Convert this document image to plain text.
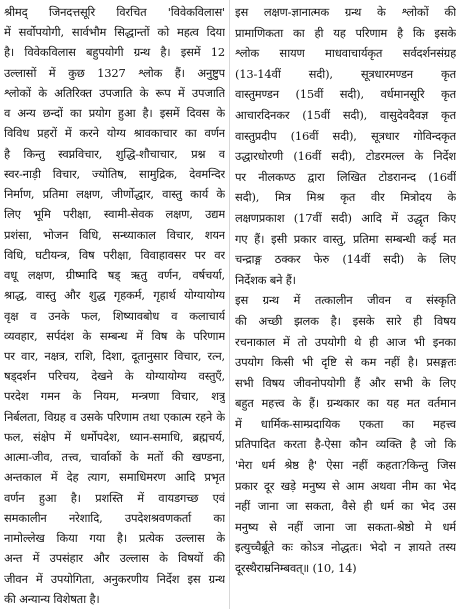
श्रीमद् जिनदत्तसूरि विरचित 'विवेकविलास'
में सर्वोपयोगी, सार्वभौम सिद्धान्तों को महत्व दिया
है। विवेकविलास बहुपयोगी ग्रन्थ है। इसमें 12
उल्लासों में कुछ 1327 श्लोक हैं। अनुष्टुप
श्लोकों के अतिरिक्त उपजाति के रूप में उपजाति
व अन्य छन्दों का प्रयोग हुआ है। इसमें दिवस के
विविध प्रहरों में करने योग्य श्रावकाचार का वर्णन
है किन्तु स्वप्नविचार, शुद्धि-शौचाचार, प्रश्न व
स्वर-नाड़ी विचार, ज्योतिष, सामुद्रिक, देवमन्दिर
निर्माण, प्रतिमा लक्षण, जीर्णोद्धार, वास्तु कार्य के
लिए भूमि परीक्षा, स्वामी-सेवक लक्षण, उद्यम
प्रशंसा, भोजन विधि, सन्ध्याकाल विचार, शयन
विधि, घटीयन्त्र, विष परीक्षा, विवाहावसर पर वर
वधू लक्षण, ग्रीष्मादि षड् ऋतु वर्णन, वर्षचर्या,
श्राद्ध, वास्तु और शुद्ध गृहकर्म, गृहार्थ योग्यायोग्य
वृक्ष व उनके फल, शिष्यावबोध व कलाचार्य
व्यवहार, सर्पदंश के सम्बन्ध में विष के परिणाम
पर वार, नक्षत्र, राशि, दिशा, दूतानुसार विचार, रत्न,
षड्दर्शन परिचय, देखने के योग्यायोग्य वस्तुएँ,
परदेश गमन के नियम, मन्त्रणा विचार, शत्रु
निर्बलता, विग्रह व उसके परिणाम तथा एकात्म रहने के
फल, संक्षेप में धर्मोपदेश, ध्यान-समाधि, ब्रह्मचर्य,
आत्मा-जीव, तत्त्व, चार्वाकों के मतों की खण्डना,
अन्तकाल में देह त्याग, समाधिमरण आदि प्रभृत
वर्णन हुआ है। प्रशस्ति में वायडगच्छ एवं
समकालीन नरेशादि, उपदेशश्रवणकर्ता का
नामोल्लेख किया गया है। प्रत्येक उल्लास के
अन्त में उपसंहार और उल्लास के विषयों की
जीवन में उपयोगिता, अनुकरणीय निर्देश इस ग्रन्थ
की अन्यान्य विशेषता है।
इस लक्षण-ज्ञानात्मक ग्रन्थ के श्लोकों की
प्रामाणिकता का ही यह परिणाम है कि इसके
श्लोक सायण माधवाचार्यकृत सर्वदर्शनसंग्रह
(13-14वीं सदी), सूत्रधारमण्डन कृत
वास्तुमण्डन (15वीं सदी), वर्धमानसूरि कृत
आचारदिनकर (15वीं सदी), वासुदेवदैवज्ञ कृत
वास्तुप्रदीप (16वीं सदी), सूत्रधार गोविन्दकृत
उद्धारधोरणी (16वीं सदी), टोडरमल्ल के निर्देश
पर नीलकण्ठ द्वारा लिखित टोडरानन्द (16वीं
सदी), मित्र मिश्र कृत वीर मित्रोदय के
लक्षणप्रकाश (17वीं सदी) आदि में उद्धृत किए
गए हैं। इसी प्रकार वास्तु, प्रतिमा सम्बन्धी कई मत
चन्द्राङ्ग ठक्कर फेरु (14वीं सदी) के लिए
निर्देशक बने हैं।
इस ग्रन्थ में तत्कालीन जीवन व संस्कृति
की अच्छी झलक है। इसके सारे ही विषय
रचनाकाल में तो उपयोगी थे ही आज भी इनका
उपयोग किसी भी दृष्टि से कम नहीं है। प्रसङ्गतः
सभी विषय जीवनोपयोगी हैं और सभी के लिए
बहुत महत्त्व के हैं। ग्रन्थकार का यह मत वर्तमान
में धार्मिक-साम्प्रदायिक एकता का महत्त्व
प्रतिपादित करता है-ऐसा कौन व्यक्ति है जो कि
'मेरा धर्म श्रेष्ठ है' ऐसा नहीं कहता?किन्तु जिस
प्रकार दूर खड़े मनुष्य से आम अथवा नीम का भेद
नहीं जाना जा सकता, वैसे ही धर्म का भेद उस
मनुष्य से नहीं जाना जा सकता-श्रेष्ठो मे धर्म
इत्युच्चैर्ब्रूते कः कोऽत्र नोद्धतः। भेदो न ज्ञायते तस्य
दूरस्थैराम्रनिम्बवत्॥ (10, 14)
